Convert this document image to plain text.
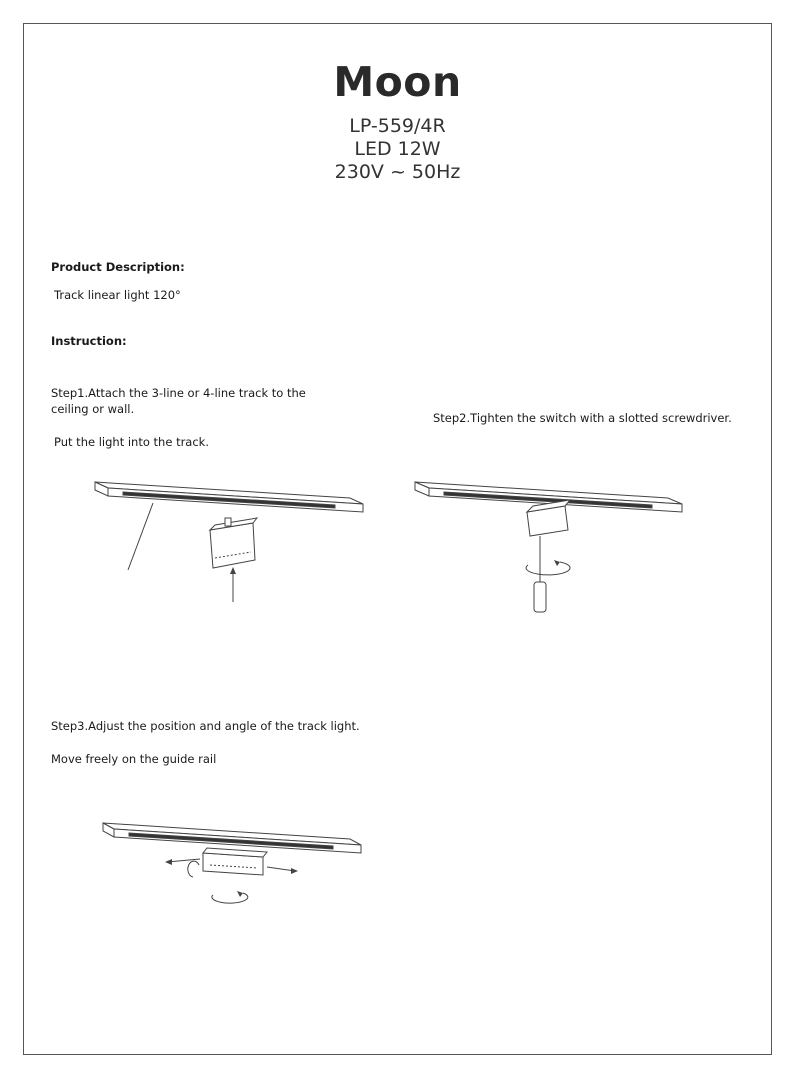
Moon
LP-559/4R
LED 12W
230V ~ 50Hz
Product Description:
Track linear light 120°
Instruction:
Step1.Attach the 3-line or 4-line track to the
ceiling or wall.
Put the light into the track.
Step2.Tighten the switch with a slotted screwdriver.
Step3.Adjust the position and angle of the track light.
Move freely on the guide rail
